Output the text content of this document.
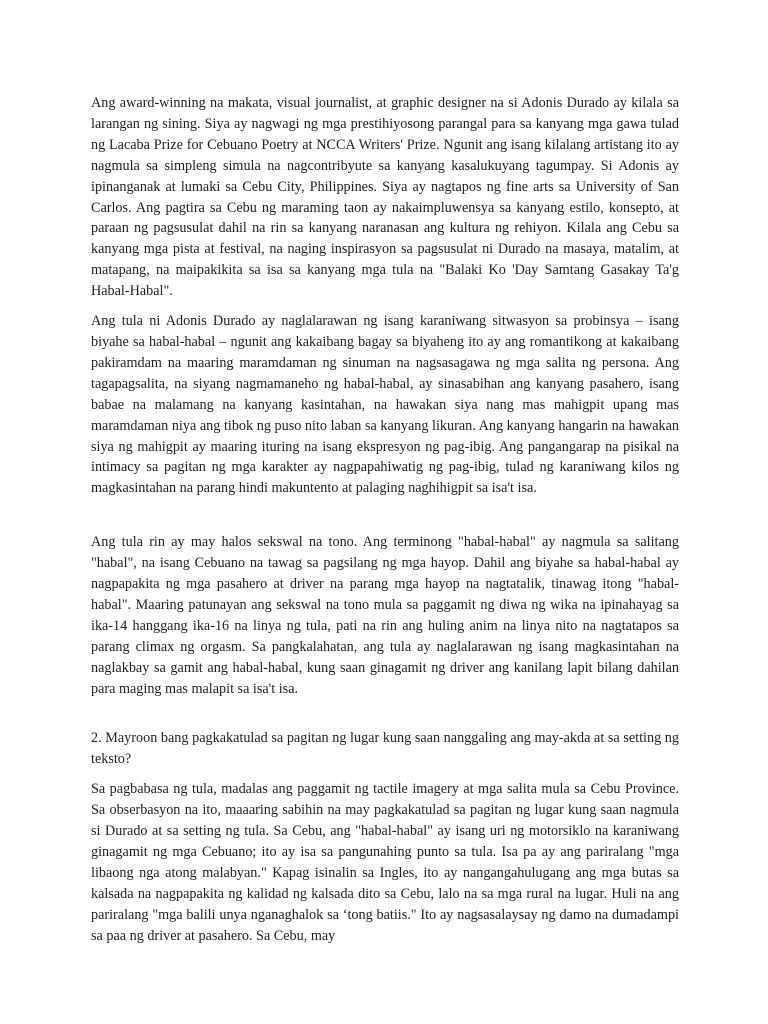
Ang award-winning na makata, visual journalist, at graphic designer na si Adonis Durado ay kilala sa larangan ng sining. Siya ay nagwagi ng mga prestihiyosong parangal para sa kanyang mga gawa tulad ng Lacaba Prize for Cebuano Poetry at NCCA Writers' Prize. Ngunit ang isang kilalang artistang ito ay nagmula sa simpleng simula na nagcontribyute sa kanyang kasalukuyang tagumpay. Si Adonis ay ipinanganak at lumaki sa Cebu City, Philippines. Siya ay nagtapos ng fine arts sa University of San Carlos. Ang pagtira sa Cebu ng maraming taon ay nakaimpluwensya sa kanyang estilo, konsepto, at paraan ng pagsusulat dahil na rin sa kanyang naranasan ang kultura ng rehiyon. Kilala ang Cebu sa kanyang mga pista at festival, na naging inspirasyon sa pagsusulat ni Durado na masaya, matalim, at matapang, na maipakikita sa isa sa kanyang mga tula na "Balaki Ko 'Day Samtang Gasakay Ta'g Habal-Habal".

Ang tula ni Adonis Durado ay naglalarawan ng isang karaniwang sitwasyon sa probinsya – isang biyahe sa habal-habal – ngunit ang kakaibang bagay sa biyaheng ito ay ang romantikong at kakaibang pakiramdam na maaring maramdaman ng sinuman na nagsasagawa ng mga salita ng persona. Ang tagapagsalita, na siyang nagmamaneho ng habal-habal, ay sinasabihan ang kanyang pasahero, isang babae na malamang na kanyang kasintahan, na hawakan siya nang mas mahigpit upang mas maramdaman niya ang tibok ng puso nito laban sa kanyang likuran. Ang kanyang hangarin na hawakan siya ng mahigpit ay maaring ituring na isang ekspresyon ng pag-ibig. Ang pangangarap na pisikal na intimacy sa pagitan ng mga karakter ay nagpapahiwatig ng pag-ibig, tulad ng karaniwang kilos ng magkasintahan na parang hindi makuntento at palaging naghihigpit sa isa't isa.

Ang tula rin ay may halos sekswal na tono. Ang terminong "habal-habal" ay nagmula sa salitang "habal", na isang Cebuano na tawag sa pagsilang ng mga hayop. Dahil ang biyahe sa habal-habal ay nagpapakita ng mga pasahero at driver na parang mga hayop na nagtatalik, tinawag itong "habal-habal". Maaring patunayan ang sekswal na tono mula sa paggamit ng diwa ng wika na ipinahayag sa ika-14 hanggang ika-16 na linya ng tula, pati na rin ang huling anim na linya nito na nagtatapos sa parang climax ng orgasm. Sa pangkalahatan, ang tula ay naglalarawan ng isang magkasintahan na naglakbay sa gamit ang habal-habal, kung saan ginagamit ng driver ang kanilang lapit bilang dahilan para maging mas malapit sa isa't isa.

2. Mayroon bang pagkakatulad sa pagitan ng lugar kung saan nanggaling ang may-akda at sa setting ng teksto?

Sa pagbabasa ng tula, madalas ang paggamit ng tactile imagery at mga salita mula sa Cebu Province. Sa obserbasyon na ito, maaaring sabihin na may pagkakatulad sa pagitan ng lugar kung saan nagmula si Durado at sa setting ng tula. Sa Cebu, ang "habal-habal" ay isang uri ng motorsiklo na karaniwang ginagamit ng mga Cebuano; ito ay isa sa pangunahing punto sa tula. Isa pa ay ang pariralang "mga libaong nga atong malabyan." Kapag isinalin sa Ingles, ito ay nangangahulugang ang mga butas sa kalsada na nagpapakita ng kalidad ng kalsada dito sa Cebu, lalo na sa mga rural na lugar. Huli na ang pariralang "mga balili unya nganaghalok sa ‘tong batiis." Ito ay nagsasalaysay ng damo na dumadampi sa paa ng driver at pasahero. Sa Cebu, may
